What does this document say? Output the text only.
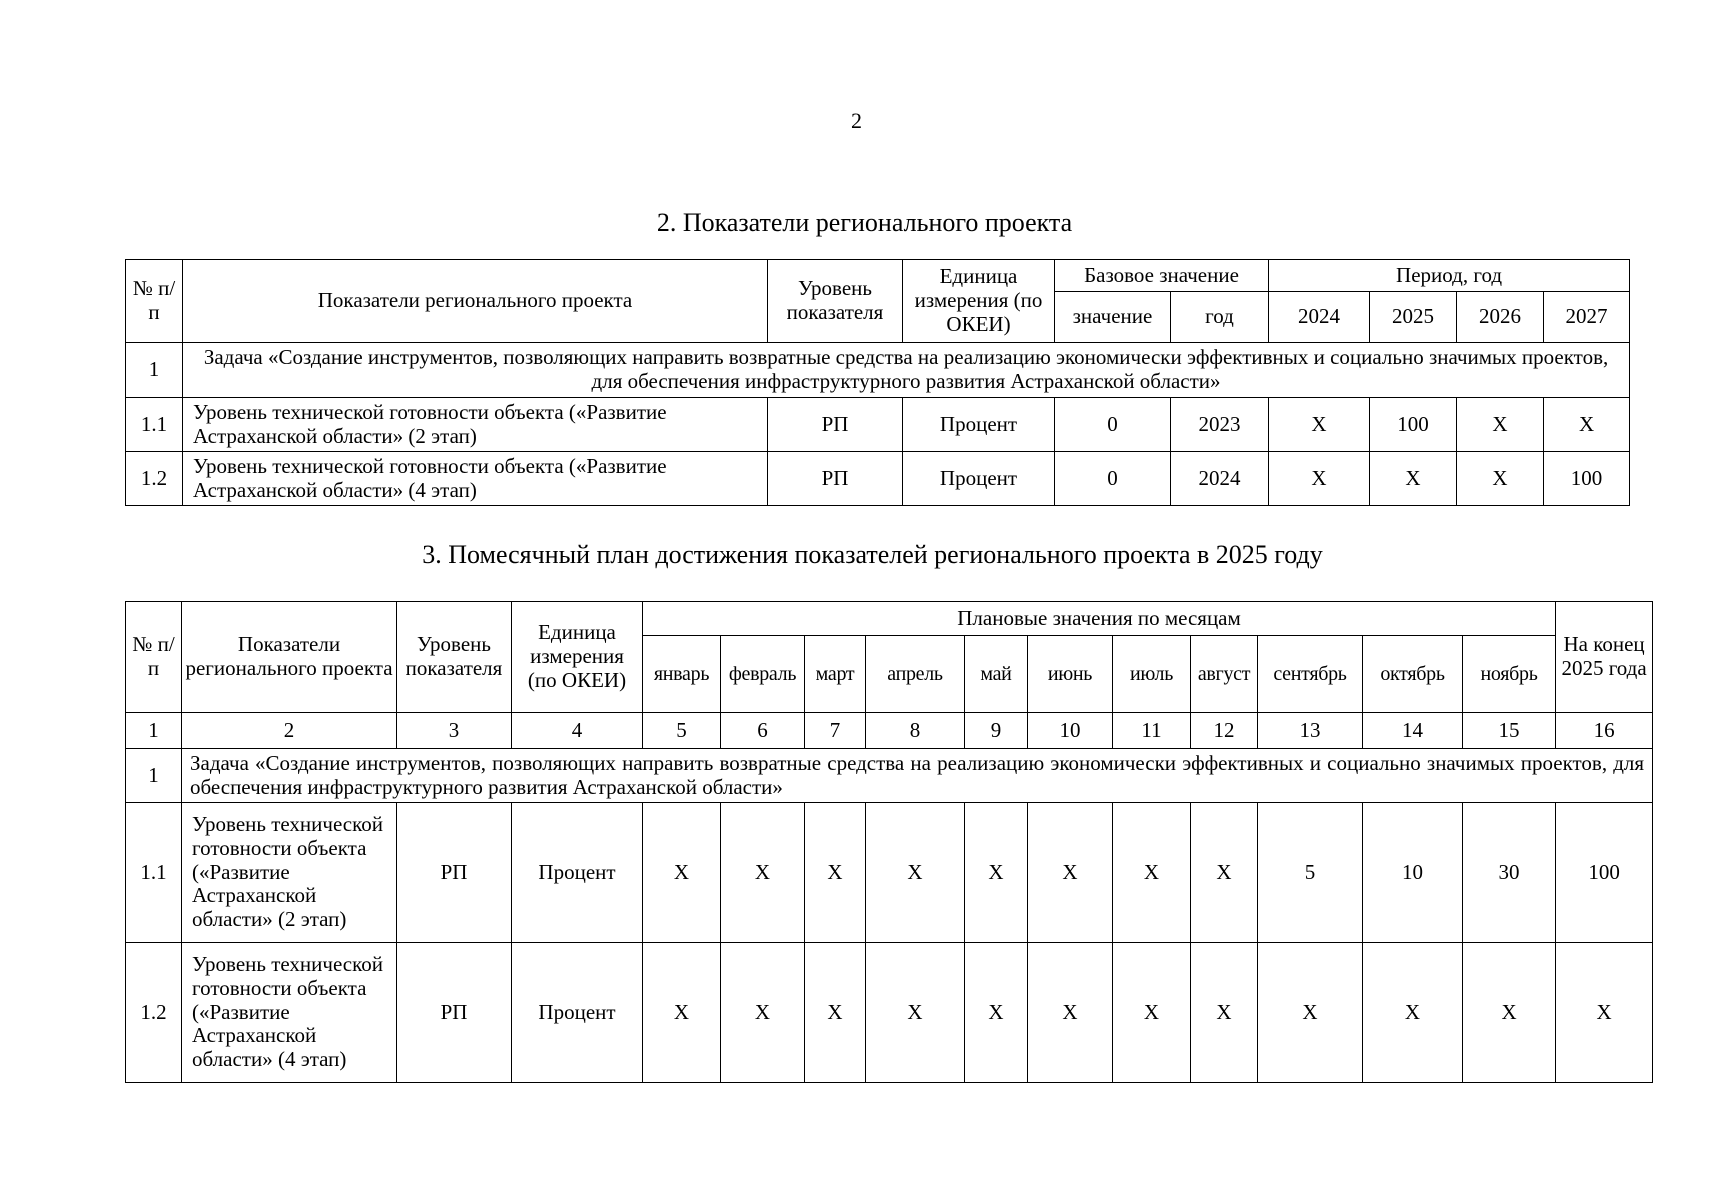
2
2. Показатели регионального проекта
№ п/п	Показатели регионального проекта	Уровень показателя	Единица измерения (по ОКЕИ)	Базовое значение		Период, год			
				значение	год	2024	2025	2026	2027
1	Задача «Создание инструментов, позволяющих направить возвратные средства на реализацию экономически эффективных и социально значимых проектов, для обеспечения инфраструктурного развития Астраханской области»								
1.1	Уровень технической готовности объекта («Развитие Астраханской области» (2 этап)	РП	Процент	0	2023	X	100	X	X
1.2	Уровень технической готовности объекта («Развитие Астраханской области» (4 этап)	РП	Процент	0	2024	X	X	X	100
3. Помесячный план достижения показателей регионального проекта в 2025 году
№ п/п	Показатели регионального проекта	Уровень показателя	Единица измерения (по ОКЕИ)	Плановые значения по месяцам											На конец 2025 года
				январь	февраль	март	апрель	май	июнь	июль	август	сентябрь	октябрь	ноябрь	
1	2	3	4	5	6	7	8	9	10	11	12	13	14	15	16
1	Задача «Создание инструментов, позволяющих направить возвратные средства на реализацию экономически эффективных и социально значимых проектов, для обеспечения инфраструктурного развития Астраханской области»														
1.1	Уровень технической готовности объекта («Развитие Астраханской области» (2 этап)	РП	Процент	X	X	X	X	X	X	X	X	5	10	30	100
1.2	Уровень технической готовности объекта («Развитие Астраханской области» (4 этап)	РП	Процент	X	X	X	X	X	X	X	X	X	X	X	X
